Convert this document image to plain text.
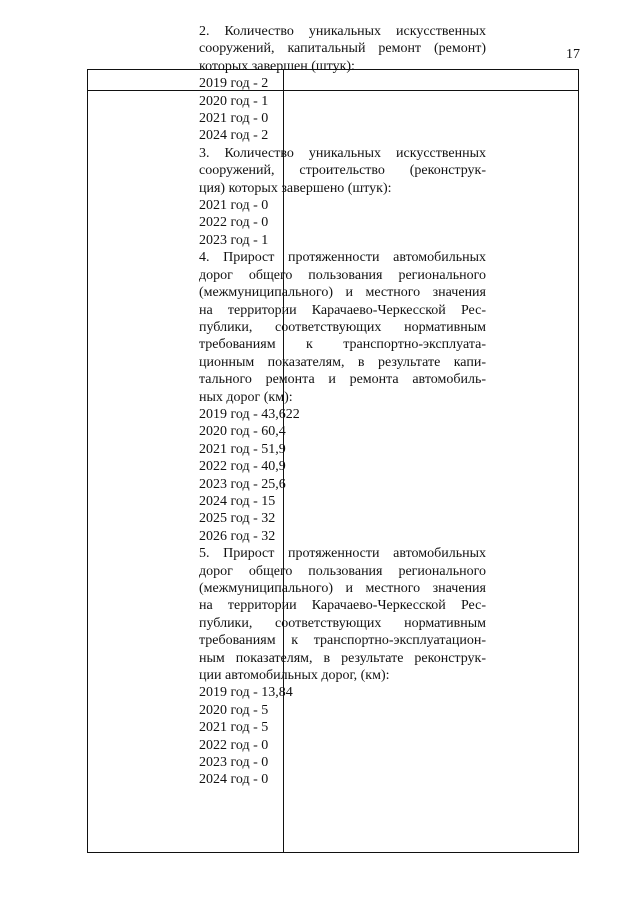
17
2. Количество уникальных искусственных
сооружений, капитальный ремонт (ремонт)
которых завершен (штук):
2019 год - 2
2020 год - 1
2021 год - 0
2024 год - 2
3. Количество уникальных искусственных
сооружений, строительство (реконструк-
ция) которых завершено (штук):
2021 год - 0
2022 год - 0
2023 год - 1
4. Прирост протяженности автомобильных
дорог общего пользования регионального
(межмуниципального) и местного значения
на территории Карачаево-Черкесской Рес-
публики, соответствующих нормативным
требованиям к транспортно-эксплуата-
ционным показателям, в результате капи-
тального ремонта и ремонта автомобиль-
ных дорог (км):
2019 год - 43,622
2020 год - 60,4
2021 год - 51,9
2022 год - 40,9
2023 год - 25,6
2024 год - 15
2025 год - 32
2026 год - 32
5. Прирост протяженности автомобильных
дорог общего пользования регионального
(межмуниципального) и местного значения
на территории Карачаево-Черкесской Рес-
публики, соответствующих нормативным
требованиям к транспортно-эксплуатацион-
ным показателям, в результате реконструк-
ции автомобильных дорог, (км):
2019 год - 13,84
2020 год - 5
2021 год - 5
2022 год - 0
2023 год - 0
2024 год - 0
